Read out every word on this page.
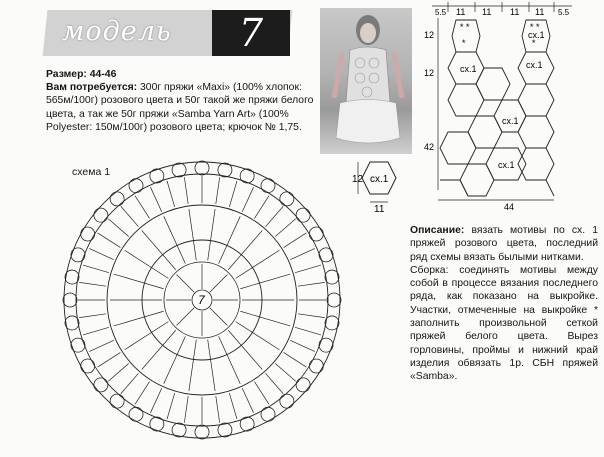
модель	7
Размер: 44-46
Вам потребуется: 300г пряжи «Maxi» (100% хлопок: 565м/100г) розового цвета и 50г такой же пряжи белого цвета, а так же 50г пряжи «Samba Yarn Art» (100% Polyester: 150м/100г) розового цвета; крючок № 1,75.
схема 1
7
12 сх.1
11
5.5 11 11 11 11 5.5
12
12
42
44
* *	* *
*	*
сх.1
сх.1
сх.1
сх.1
сх.1

Описание: вязать мотивы по сх. 1 пряжей розового цвета, последний ряд схемы вязать былыми нитками.

Сборка: соединять мотивы между собой в процессе вязания последнего ряда, как показано на выкройке. Участки, отмеченные на выкройке * заполнить произвольной сеткой пряжей белого цвета. Вырез горловины, проймы и нижний край изделия обвязать 1р. СБН пряжей «Samba».
